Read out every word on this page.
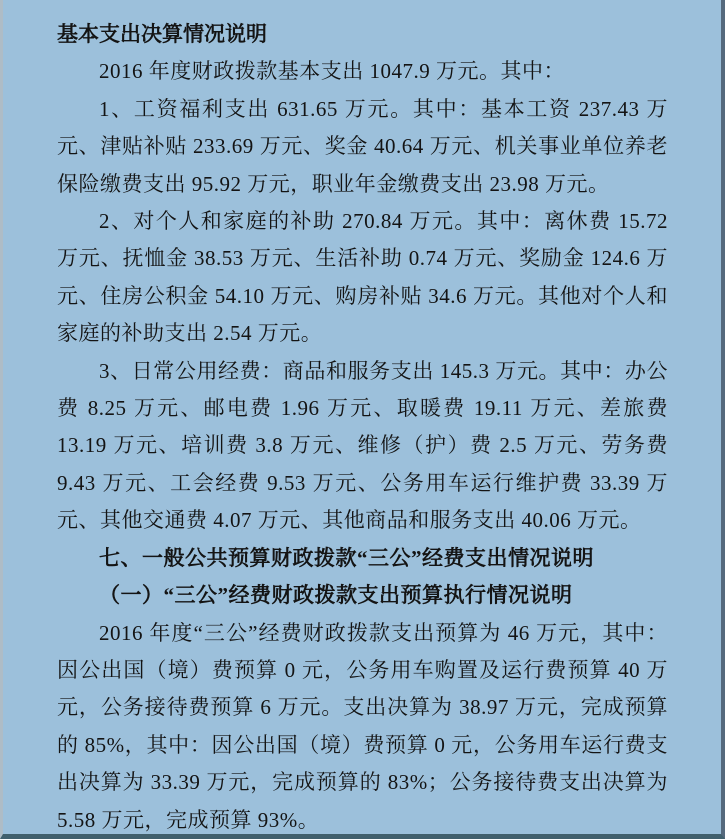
基本支出决算情况说明

2016 年度财政拨款基本支出 1047.9 万元。其中：

1、工资福利支出 631.65 万元。其中：基本工资 237.43 万元、津贴补贴 233.69 万元、奖金 40.64 万元、机关事业单位养老保险缴费支出 95.92 万元，职业年金缴费支出 23.98 万元。

2、对个人和家庭的补助 270.84 万元。其中：离休费 15.72 万元、抚恤金 38.53 万元、生活补助 0.74 万元、奖励金 124.6 万元、住房公积金 54.10 万元、购房补贴 34.6 万元。其他对个人和家庭的补助支出 2.54 万元。

3、日常公用经费：商品和服务支出 145.3 万元。其中：办公费 8.25 万元、邮电费 1.96 万元、取暖费 19.11 万元、差旅费 13.19 万元、培训费 3.8 万元、维修（护）费 2.5 万元、劳务费 9.43 万元、工会经费 9.53 万元、公务用车运行维护费 33.39 万元、其他交通费 4.07 万元、其他商品和服务支出 40.06 万元。

七、一般公共预算财政拨款“三公”经费支出情况说明

（一）“三公”经费财政拨款支出预算执行情况说明

2016 年度“三公”经费财政拨款支出预算为 46 万元，其中：因公出国（境）费预算 0 元，公务用车购置及运行费预算 40 万元，公务接待费预算 6 万元。支出决算为 38.97 万元，完成预算的 85%，其中：因公出国（境）费预算 0 元，公务用车运行费支出决算为 33.39 万元，完成预算的 83%；公务接待费支出决算为 5.58 万元，完成预算 93%。
